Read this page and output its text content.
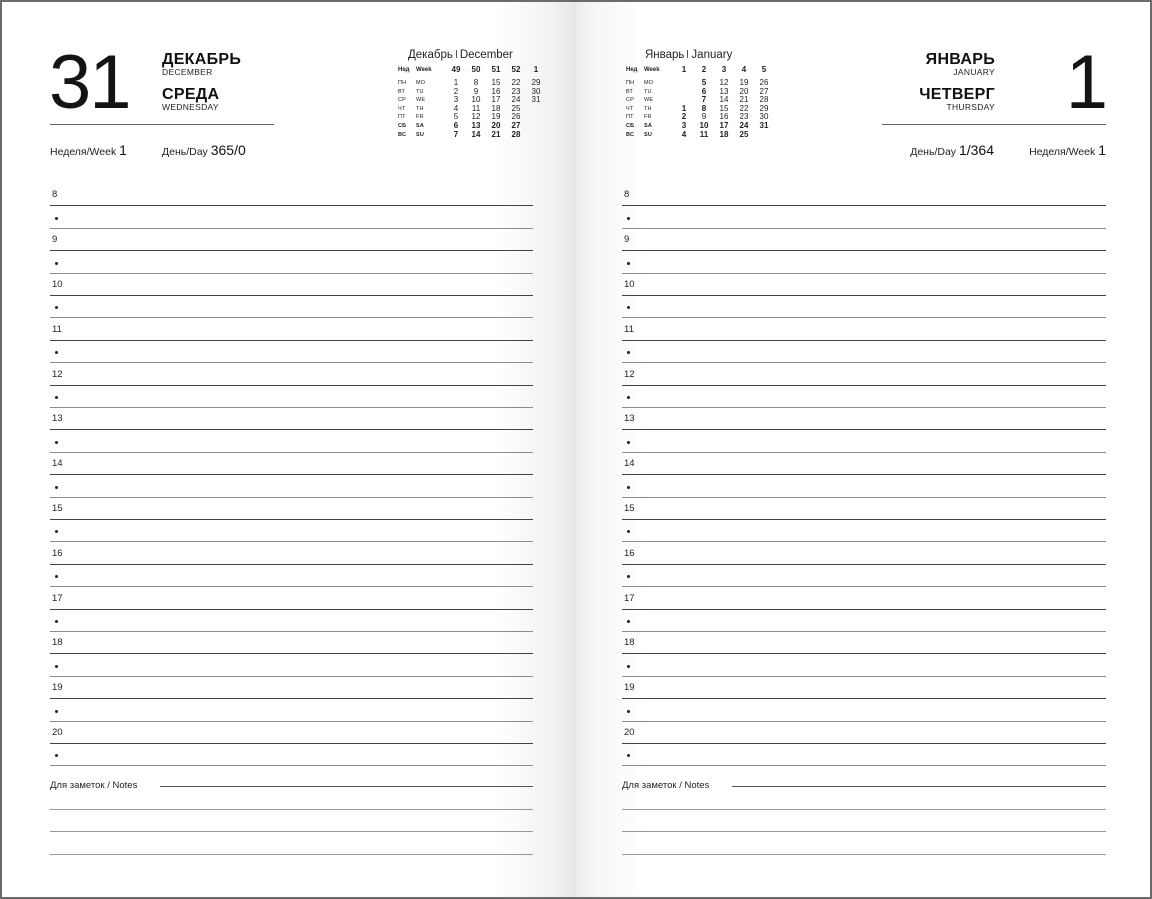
31 ДЕКАБРЬ
DECEMBER
СРЕДА
WEDNESDAY
Неделя/Week 1	День/Day 365/0
Декабрь December
Нед	Week	49	50	51	52	1
ПН	MO	1	8	15	22	29
ВТ	TU	2	9	16	23	30
СР	WE	3	10	17	24	31
ЧТ	TH	4	11	18	25	
ПТ	FR	5	12	19	26	
СБ	SA	6	13	20	27	
ВС	SU	7	14	21	28	
8
9
10
11
12
13
14
15
16
17
18
19
20
Для заметок / Notes
1
ЯНВАРЬ
JANUARY
ЧЕТВЕРГ
THURSDAY
День/Day 1/364	Неделя/Week 1
Январь January
Нед	Week	1	2	3	4	5
ПН	MO		5	12	19	26
ВТ	TU		6	13	20	27
СР	WE		7	14	21	28
ЧТ	TH	1	8	15	22	29
ПТ	FR	2	9	16	23	30
СБ	SA	3	10	17	24	31
ВС	SU	4	11	18	25	
8
9
10
11
12
13
14
15
16
17
18
19
20
Для заметок / Notes
